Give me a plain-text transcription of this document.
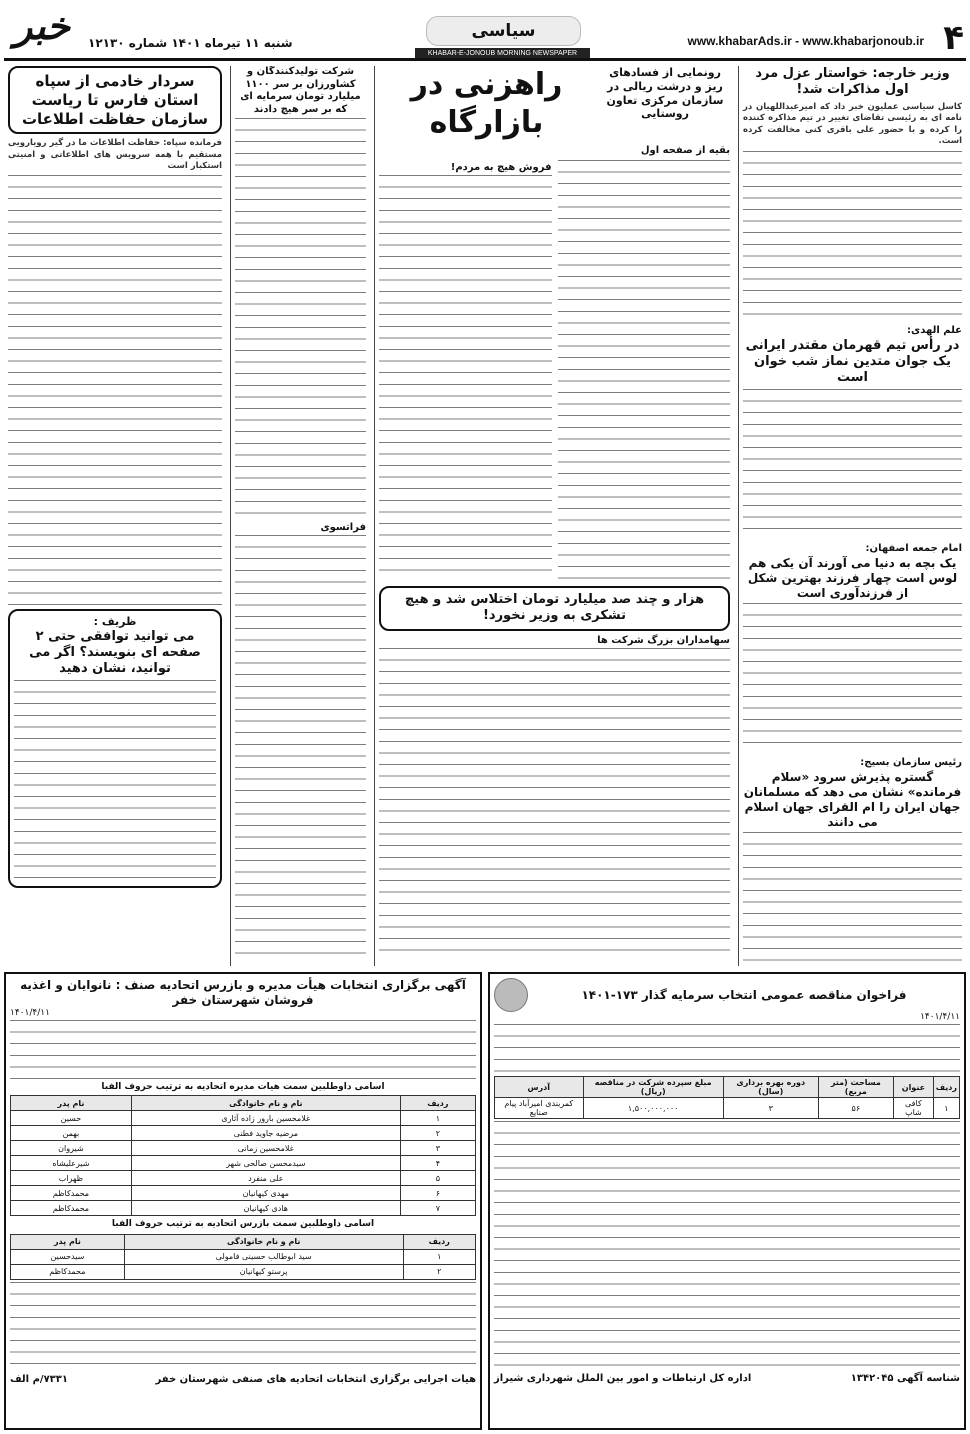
۴
www.khabarAds.ir - www.khabarjonoub.ir
سیاسی
KHABAR-E-JONOUB MORNING NEWSPAPER
خبر	شنبه ۱۱ تیرماه ۱۴۰۱ شماره ۱۲۱۳۰
وزیر خارجه: خواستار عزل مرد اول مذاکرات شد!
کاسل سیاسی عملیون خبر داد که امیرعبداللهیان در نامه ای به رئیسی تقاضای تغییر در تیم مذاکره کننده را کرده و با حضور علی باقری کنی مخالفت کرده است.
علم الهدی:
در رأس تیم قهرمان مقتدر ایرانی یک جوان متدین نماز شب خوان است
امام جمعه اصفهان:
یک بچه به دنیا می آورند آن یکی هم لوس است چهار فرزند بهترین شکل از فرزندآوری است
رئیس سازمان بسیج:
گستره پذیرش سرود «سلام فرمانده» نشان می دهد که مسلمانان جهان ایران را ام القرای جهان اسلام می دانند
رونمایی از فسادهای ریز و درشت ریالی در سازمان مرکزی تعاون روستایی
راهزنی در بازارگاه
بقیه از صفحه اول
فروش هیچ به مردم!
هزار و چند صد میلیارد تومان اختلاس شد و هیچ تشکری به وزیر نخورد!
سهامداران بزرگ شرکت ها
شرکت تولیدکنندگان و کشاورزان بر سر ۱۱۰۰ میلیارد تومان سرمایه ای که بر سر هیچ دادند
فراتسوی
سردار خادمی از سپاه استان فارس تا ریاست سازمان حفاظت اطلاعات
فرمانده سپاه: حفاظت اطلاعات ما در گیر رویارویی مستقیم با همه سرویس های اطلاعاتی و امنیتی استکبار است
ظریف :
می توانید توافقی حتی ۲ صفحه ای بنویسند؟ اگر می توانید، نشان دهید
آگهی برگزاری انتخابات هیأت مدیره و بازرس اتحادیه صنف : نانوایان و اغذیه فروشان شهرستان خفر
۱۴۰۱/۴/۱۱
اسامی داوطلبین سمت هیات مدیره اتحادیه به ترتیب حروف الفبا
ردیف	نام و نام خانوادگی	نام پدر
۱	غلامحسین بارور زاده آثاری	حسین
۲	مرضیه جاوید فطنی	بهمن
۳	غلامحسین زمانی	شیروان
۴	سیدمحسن صالحی شهر	شیرعلیشاه
۵	علی منفرد	ظهراب
۶	مهدی کیهانیان	محمدکاظم
۷	هادی کیهانیان	محمدکاظم
اسامی داوطلبین سمت بازرس اتحادیه به ترتیب حروف الفبا
ردیف	نام و نام خانوادگی	نام پدر
۱	سید ابوطالب حسینی فامولی	سیدحسین
۲	پرستو کیهانیان	محمدکاظم
هیات اجرایی برگزاری انتخابات اتحادیه های صنفی شهرستان خفر
۷۳۳۱/م الف
فراخوان مناقصه عمومی انتخاب سرمایه گذار ۱۷۳-۱۴۰۱
۱۴۰۱/۴/۱۱
ردیف	عنوان	مساحت (متر مربع)	دوره بهره برداری (سال)	مبلغ سپرده شرکت در مناقصه (ریال)	آدرس
۱	کافی شاپ	۵۶	۳	۱,۵۰۰,۰۰۰,۰۰۰	کمربندی امیرآباد پیام صنایع
شناسه آگهی ۱۳۴۲۰۴۵
اداره کل ارتباطات و امور بین الملل شهرداری شیراز
